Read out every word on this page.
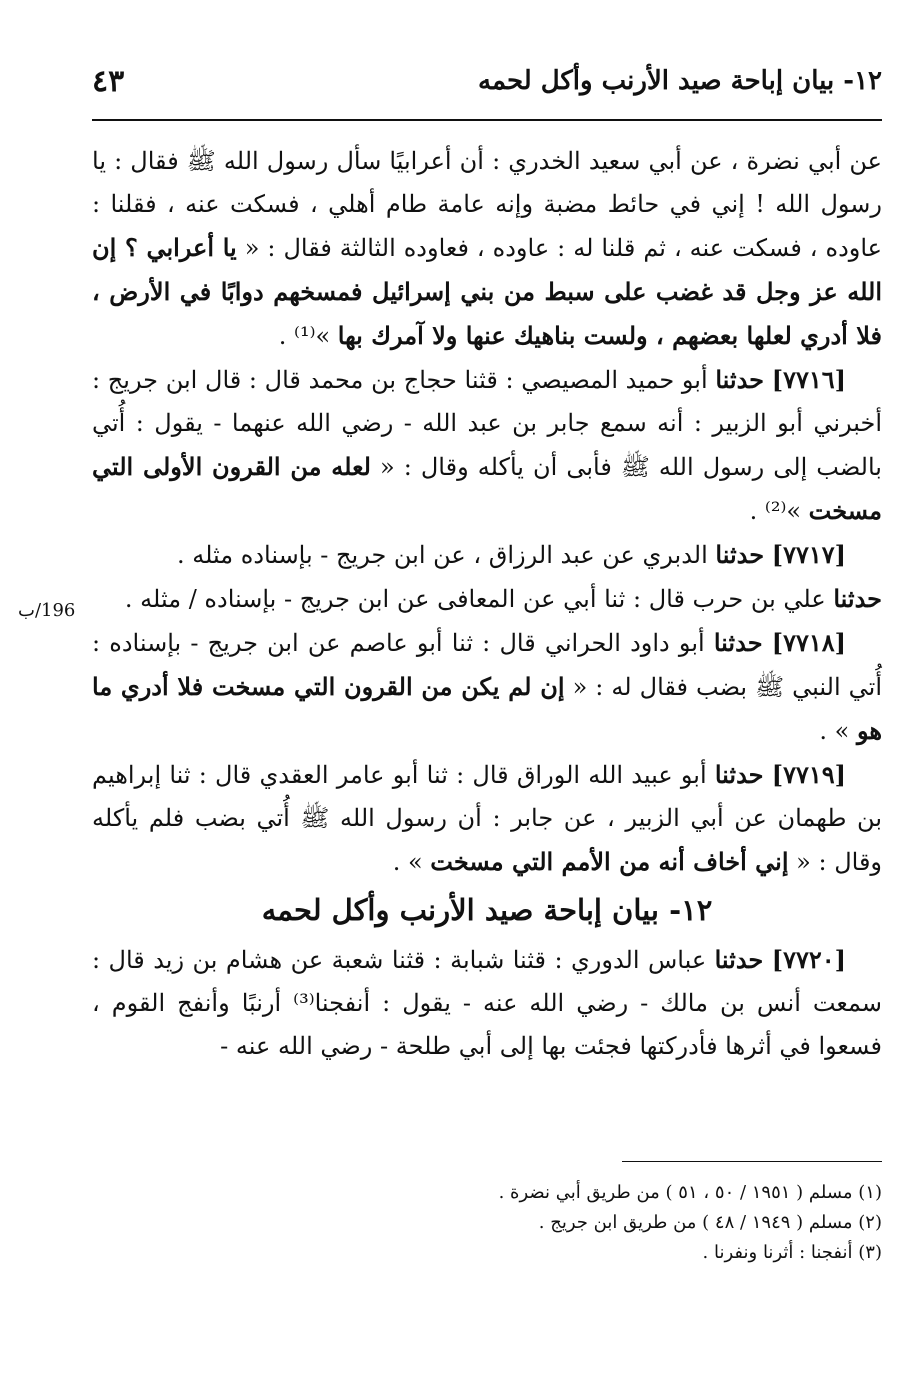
١٢- بيان إباحة صيد الأرنب وأكل لحمه
٤٣
196/ب

عن أبي نضرة ، عن أبي سعيد الخدري : أن أعرابيًا سأل رسول الله ﷺ فقال : يا رسول الله ! إني في حائط مضبة وإنه عامة طام أهلي ، فسكت عنه ، فقلنا : عاوده ، فسكت عنه ، ثم قلنا له : عاوده ، فعاوده الثالثة فقال : « يا أعرابي ؟ إن الله عز وجل قد غضب على سبط من بني إسرائيل فمسخهم دوابًا في الأرض ، فلا أدري لعلها بعضهم ، ولست بناهيك عنها ولا آمرك بها »⁽¹⁾ .

[٧٧١٦] حدثنا أبو حميد المصيصي : قثنا حجاج بن محمد قال : قال ابن جريج : أخبرني أبو الزبير : أنه سمع جابر بن عبد الله - رضي الله عنهما - يقول : أُتي بالضب إلى رسول الله ﷺ فأبى أن يأكله وقال : « لعله من القرون الأولى التي مسخت »⁽²⁾ .

[٧٧١٧] حدثنا الدبري عن عبد الرزاق ، عن ابن جريج - بإسناده مثله .

حدثنا علي بن حرب قال : ثنا أبي عن المعافى عن ابن جريج - بإسناده / مثله .

[٧٧١٨] حدثنا أبو داود الحراني قال : ثنا أبو عاصم عن ابن جريج - بإسناده : أُتي النبي ﷺ بضب فقال له : « إن لم يكن من القرون التي مسخت فلا أدري ما هو » .

[٧٧١٩] حدثنا أبو عبيد الله الوراق قال : ثنا أبو عامر العقدي قال : ثنا إبراهيم بن طهمان عن أبي الزبير ، عن جابر : أن رسول الله ﷺ أُتي بضب فلم يأكله وقال : « إني أخاف أنه من الأمم التي مسخت » .

١٢- بيان إباحة صيد الأرنب وأكل لحمه

[٧٧٢٠] حدثنا عباس الدوري : قثنا شبابة : قثنا شعبة عن هشام بن زيد قال : سمعت أنس بن مالك - رضي الله عنه - يقول : أنفجنا⁽³⁾ أرنبًا وأنفج القوم ، فسعوا في أثرها فأدركتها فجئت بها إلى أبي طلحة - رضي الله عنه -

(١) مسلم ( ١٩٥١ / ٥٠ ، ٥١ ) من طريق أبي نضرة .

(٢) مسلم ( ١٩٤٩ / ٤٨ ) من طريق ابن جريج .

(٣) أنفجنا : أثرنا ونفرنا .
